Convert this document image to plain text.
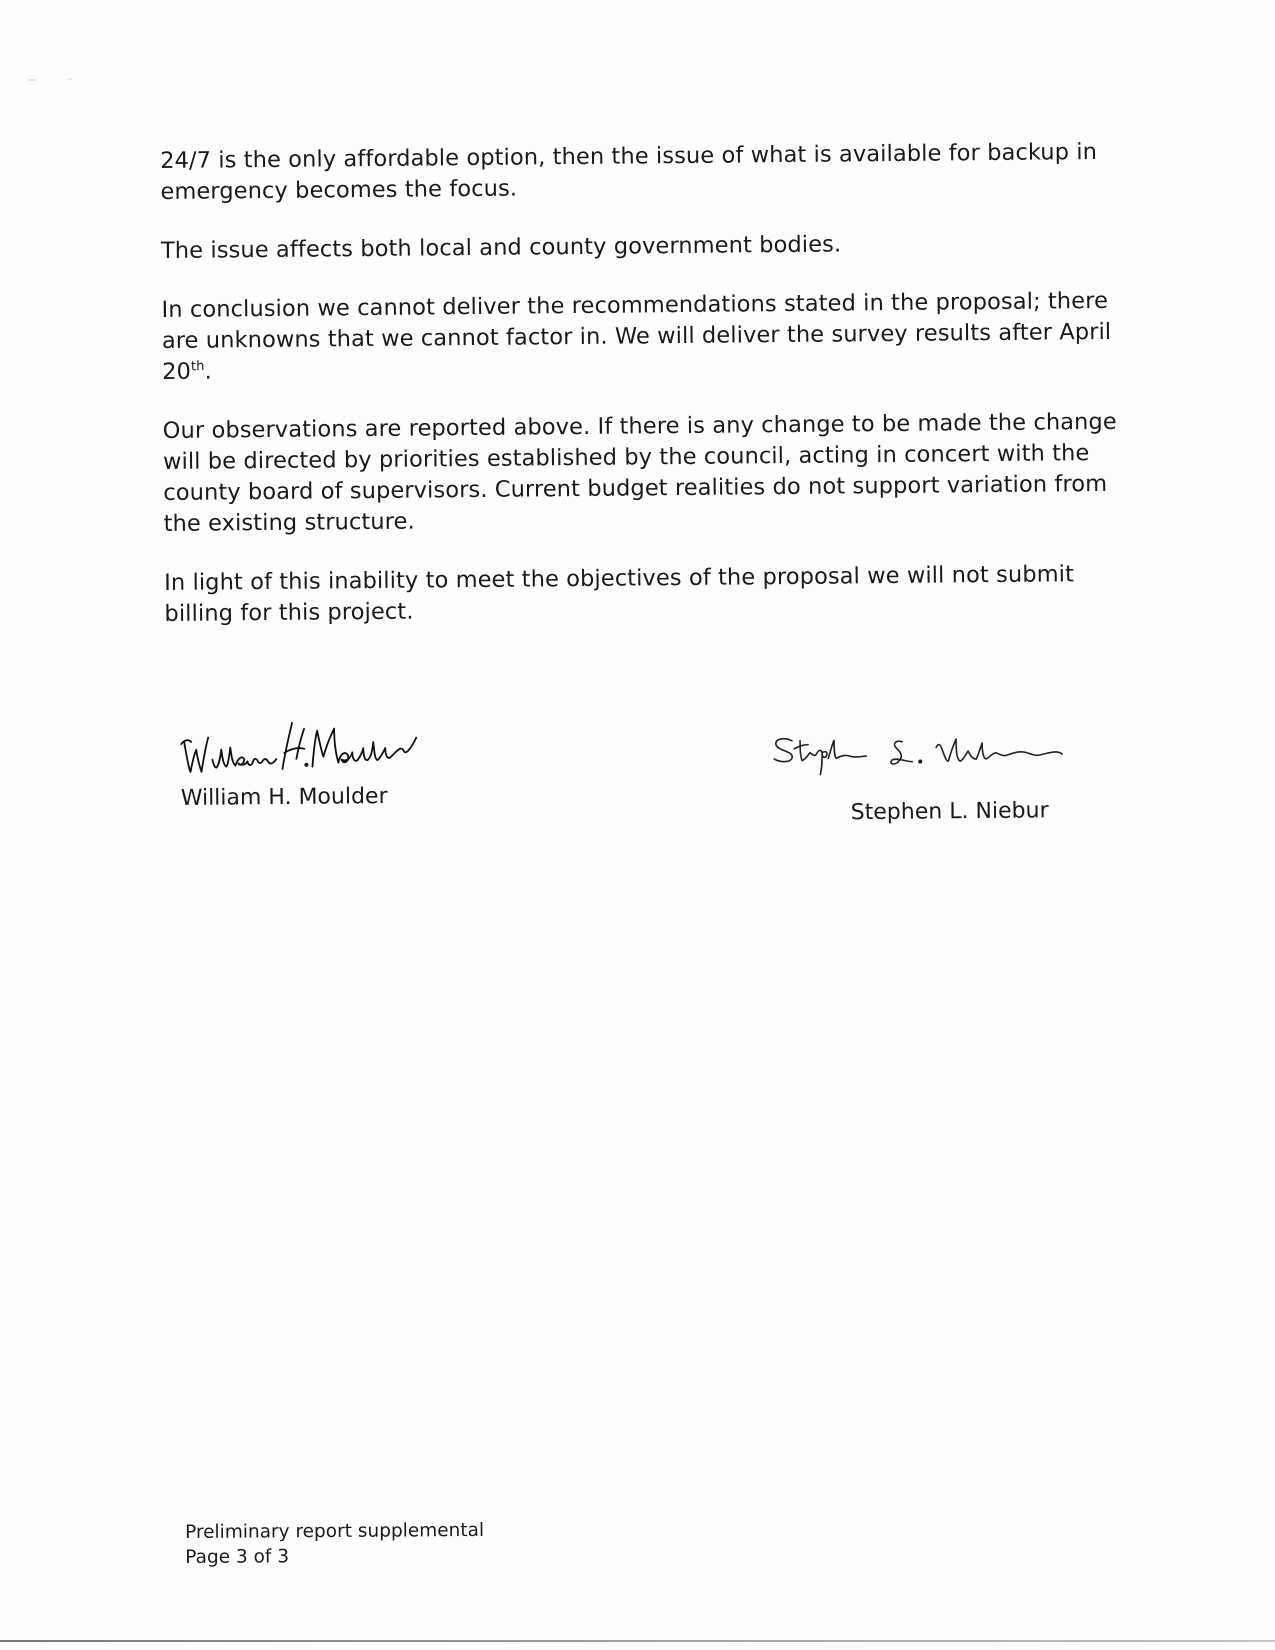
24/7 is the only affordable option, then the issue of what is available for backup in emergency becomes the focus.

The issue affects both local and county government bodies.

In conclusion we cannot deliver the recommendations stated in the proposal; there are unknowns that we cannot factor in. We will deliver the survey results after April 20th.

Our observations are reported above. If there is any change to be made the change will be directed by priorities established by the council, acting in concert with the county board of supervisors. Current budget realities do not support variation from the existing structure.

In light of this inability to meet the objectives of the proposal we will not submit billing for this project.

William H. Moulder

Stephen L. Niebur

Preliminary report supplemental
Page 3 of 3
